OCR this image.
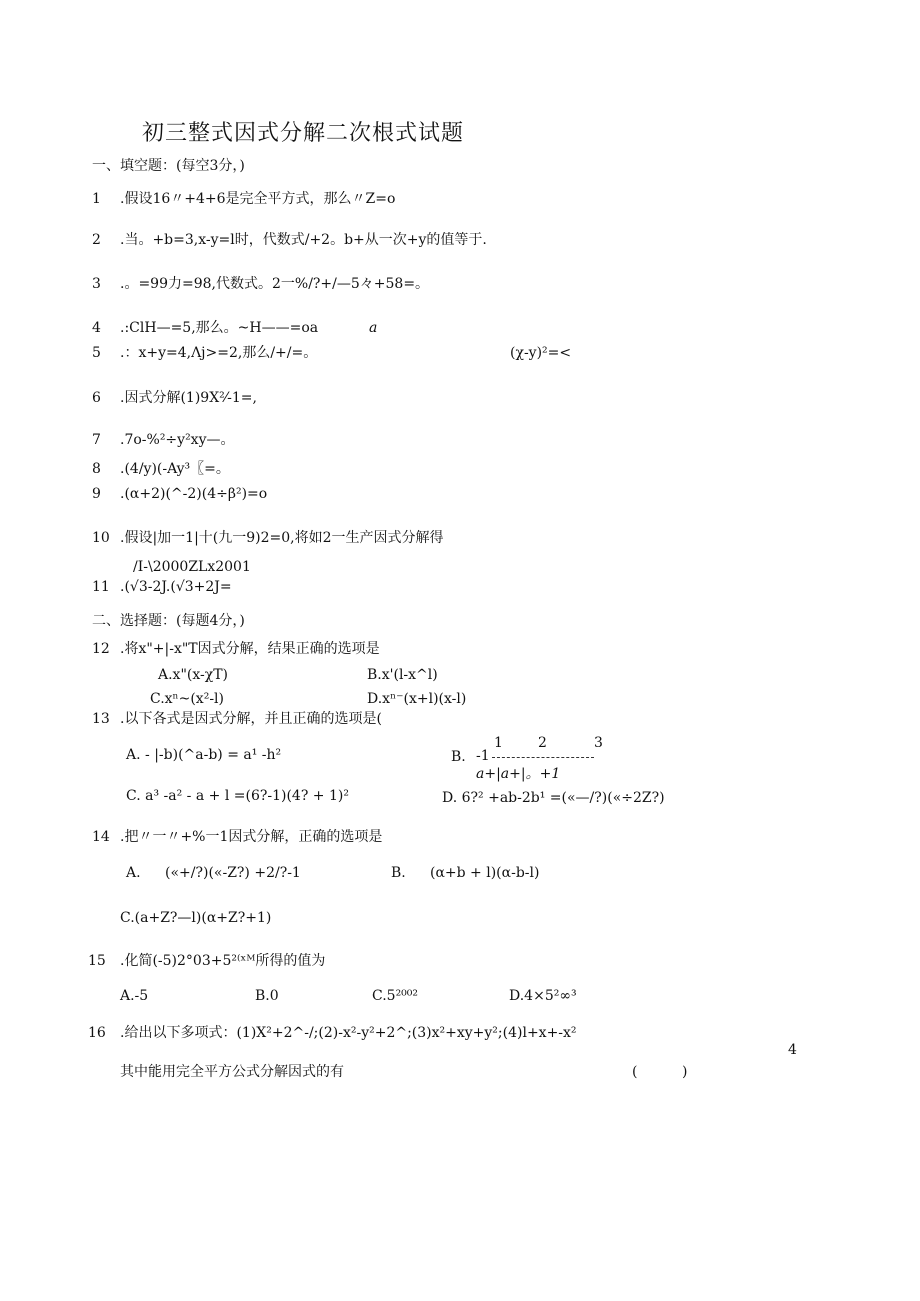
初三整式因式分解二次根式试题
一、填空题：(每空3分，)
1 .假设16〃+4+6是完全平方式，那么〃Z=o
2 .当。+b=3,x-y=l时，代数式/+2。b+从一次+y的值等于.
3 .。=99力=98,代数式。2一%/?+/—5々+58=。
4 .:ClH—=5,那么。~H——=oa	a
5 .：x+y=4,Λj>=2,那么/+/=。	(χ-y)²=<
6 .因式分解(1)9X²⁄-1=,
7 .7o-%²÷y²xy—。
8 .(4/y)(-Ay³〖=。
9 .(α+2)(^-2)(4÷β²)=o
10 .假设|加一1|十(九一9)2=0,将如2一生产因式分解得
/I-\2000ZLx2001
11 .(√3-2J.(√3+2J=
二、选择题：(每题4分，)
12 .将x"+|-x"T因式分解，结果正确的选项是
A.x"(x-χT)	B.x'(l-x^l)
C.xⁿ~(x²-l)	D.xⁿ⁻(x+l)(x-l)
13 .以下各式是因式分解，并且正确的选项是(
A. - |-b)(^a-b) = a¹ -h²	B.
1	2	3
-1
a+|a+|。+1
C. a³ -a² - a + l =(6?-1)(4? + 1)²	D. 6?² +ab-2b¹ =(«—/?)(«÷2Z?)
14 .把〃一〃+%一1因式分解，正确的选项是
A. («+/?)(«-Z?) +2/?-1	B. (α+b + l)(α-b-l)
C.(a+Z?—l)(α+Z?+1)
15 .化简(-5)2°03+5²⁽ˣᴹ所得的值为
A.-5	B.0	C.5²⁰⁰²	D.4×5²∞³
16 .给出以下多项式：(1)X²+2^-/;(2)-x²-y²+2^;(3)x²+xy+y²;(4)l+x+-x²
4
其中能用完全平方公式分解因式的有	(          )
